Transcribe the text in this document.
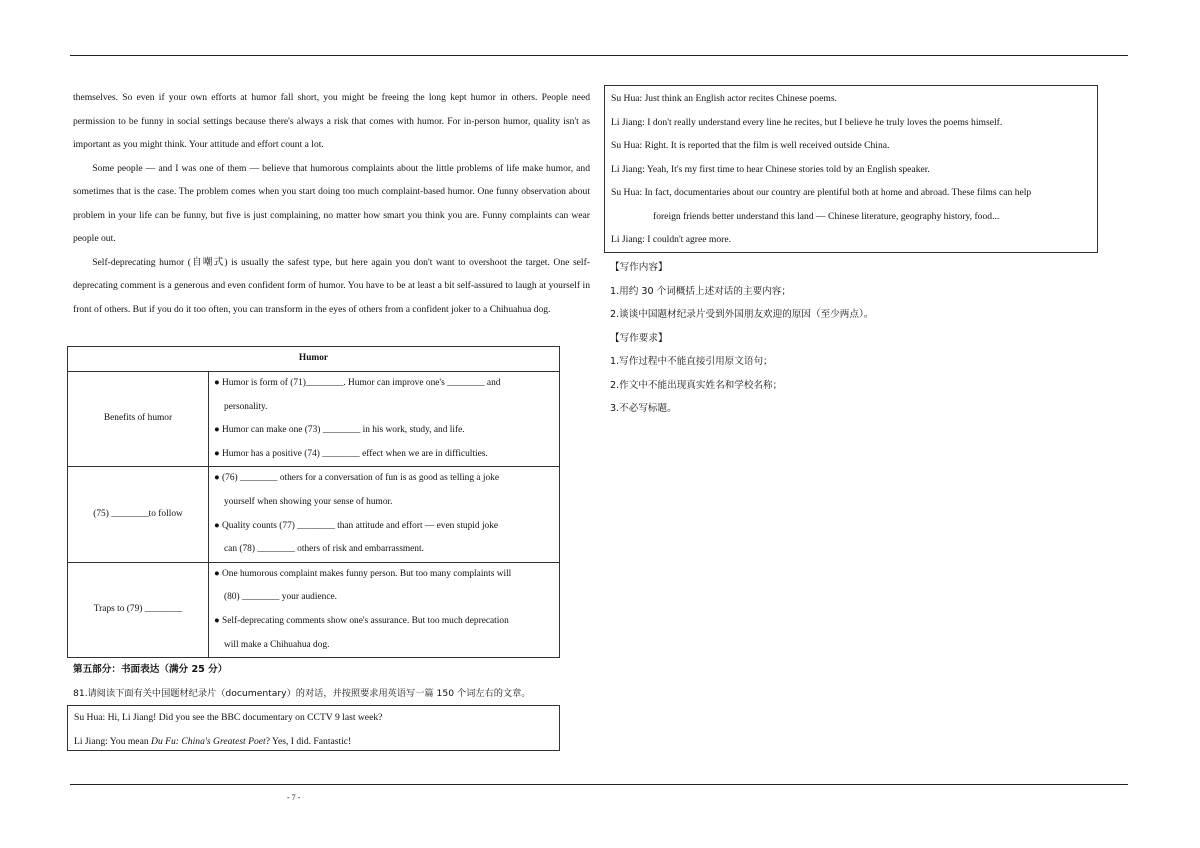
themselves. So even if your own efforts at humor fall short, you might be freeing the long kept humor in others. People need permission to be funny in social settings because there's always a risk that comes with humor. For in-person humor, quality isn't as important as you might think. Your attitude and effort count a lot.

Some people — and I was one of them — believe that humorous complaints about the little problems of life make humor, and sometimes that is the case. The problem comes when you start doing too much complaint-based humor. One funny observation about problem in your life can be funny, but five is just complaining, no matter how smart you think you are. Funny complaints can wear people out.

Self-deprecating humor (自嘲式) is usually the safest type, but here again you don't want to overshoot the target. One self-deprecating comment is a generous and even confident form of humor. You have to be at least a bit self-assured to laugh at yourself in front of others. But if you do it too often, you can transform in the eyes of others from a confident joker to a Chihuahua dog.

Humor	
Benefits of humor	● Humor is form of (71)________. Humor can improve one's ________ and
personality.
● Humor can make one (73) ________ in his work, study, and life.
● Humor has a positive (74) ________ effect when we are in difficulties.

(75) ________to follow	● (76) ________ others for a conversation of fun is as good as telling a joke
yourself when showing your sense of humor.
● Quality counts (77) ________ than attitude and effort — even stupid joke
can (78) ________ others of risk and embarrassment.

Traps to (79) ________	● One humorous complaint makes funny person. But too many complaints will
(80) ________ your audience.
● Self-deprecating comments show one's assurance. But too much deprecation
will make a Chihuahua dog.
第五部分：书面表达（满分 25 分）
81.请阅读下面有关中国题材纪录片（documentary）的对话，并按照要求用英语写一篇 150 个词左右的文章。

Su Hua: Hi, Li Jiang! Did you see the BBC documentary on CCTV 9 last week?

Li Jiang: You mean Du Fu: China's Greatest Poet? Yes, I did. Fantastic!

Su Hua: Just think an English actor recites Chinese poems.

Li Jiang: I don't really understand every line he recites, but I believe he truly loves the poems himself.

Su Hua: Right. It is reported that the film is well received outside China.

Li Jiang: Yeah, It's my first time to hear Chinese stories told by an English speaker.

Su Hua: In fact, documentaries about our country are plentiful both at home and abroad. These films can help

foreign friends better understand this land — Chinese literature, geography history, food...

Li Jiang: I couldn't agree more.

【写作内容】

1.用约 30 个词概括上述对话的主要内容；

2.谈谈中国题材纪录片受到外国朋友欢迎的原因（至少两点）。

【写作要求】

1.写作过程中不能直接引用原文语句；

2.作文中不能出现真实姓名和学校名称；

3.不必写标题。

- 7 -
